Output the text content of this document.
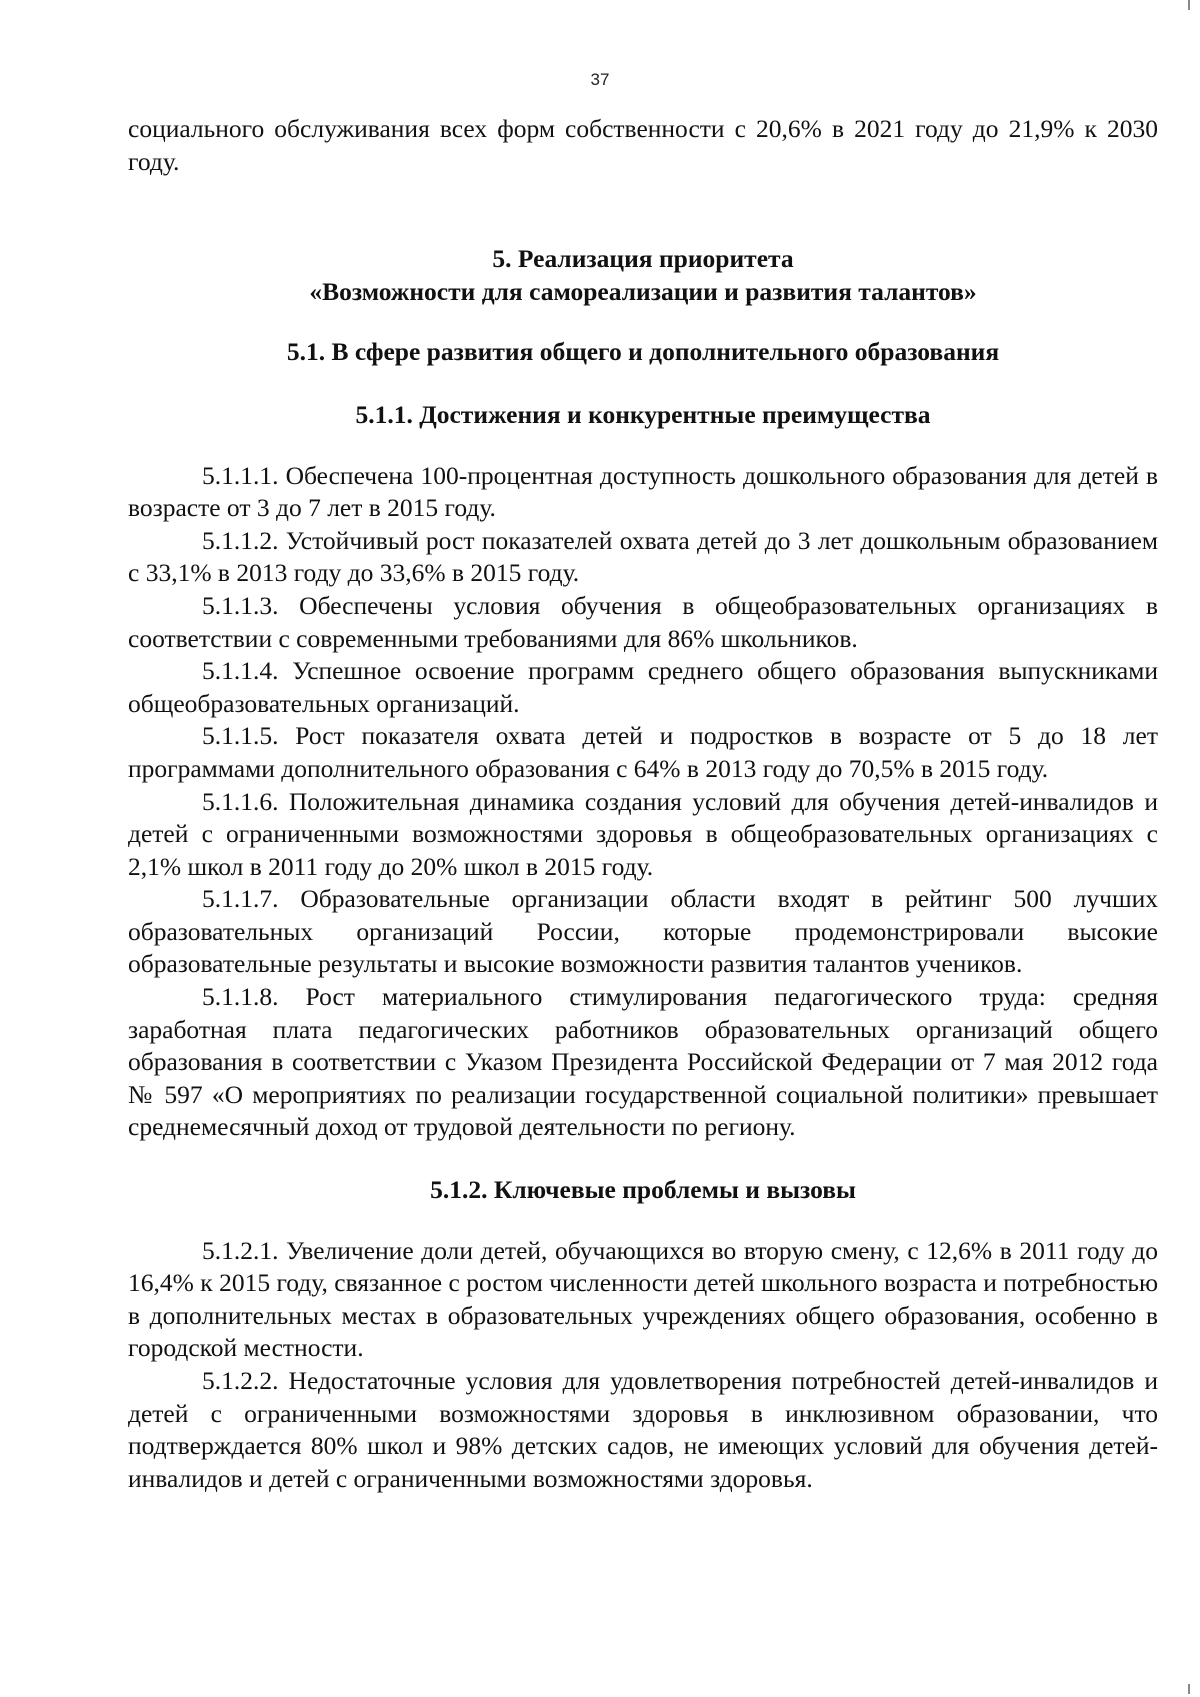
37

социального обслуживания всех форм собственности с 20,6% в 2021 году до 21,9% к 2030 году.

5. Реализация приоритета
«Возможности для самореализации и развития талантов»
5.1. В сфере развития общего и дополнительного образования
5.1.1. Достижения и конкурентные преимущества

5.1.1.1. Обеспечена 100-процентная доступность дошкольного образования для детей в возрасте от 3 до 7 лет в 2015 году.

5.1.1.2. Устойчивый рост показателей охвата детей до 3 лет дошкольным образованием с 33,1% в 2013 году до 33,6% в 2015 году.

5.1.1.3. Обеспечены условия обучения в общеобразовательных организациях в соответствии с современными требованиями для 86% школьников.

5.1.1.4. Успешное освоение программ среднего общего образования выпускниками общеобразовательных организаций.

5.1.1.5. Рост показателя охвата детей и подростков в возрасте от 5 до 18 лет программами дополнительного образования с 64% в 2013 году до 70,5% в 2015 году.

5.1.1.6. Положительная динамика создания условий для обучения детей-инвалидов и детей с ограниченными возможностями здоровья в общеобразовательных организациях с 2,1% школ в 2011 году до 20% школ в 2015 году.

5.1.1.7. Образовательные организации области входят в рейтинг 500 лучших образовательных организаций России, которые продемонстрировали высокие образовательные результаты и высокие возможности развития талантов учеников.

5.1.1.8. Рост материального стимулирования педагогического труда: средняя заработная плата педагогических работников образовательных организаций общего образования в соответствии с Указом Президента Российской Федерации от 7 мая 2012 года № 597 «О мероприятиях по реализации государственной социальной политики» превышает среднемесячный доход от трудовой деятельности по региону.

5.1.2. Ключевые проблемы и вызовы

5.1.2.1. Увеличение доли детей, обучающихся во вторую смену, с 12,6% в 2011 году до 16,4% к 2015 году, связанное с ростом численности детей школьного возраста и потребностью в дополнительных местах в образовательных учреждениях общего образования, особенно в городской местности.

5.1.2.2. Недостаточные условия для удовлетворения потребностей детей-инвалидов и детей с ограниченными возможностями здоровья в инклюзивном образовании, что подтверждается 80% школ и 98% детских садов, не имеющих условий для обучения детей-инвалидов и детей с ограниченными возможностями здоровья.
